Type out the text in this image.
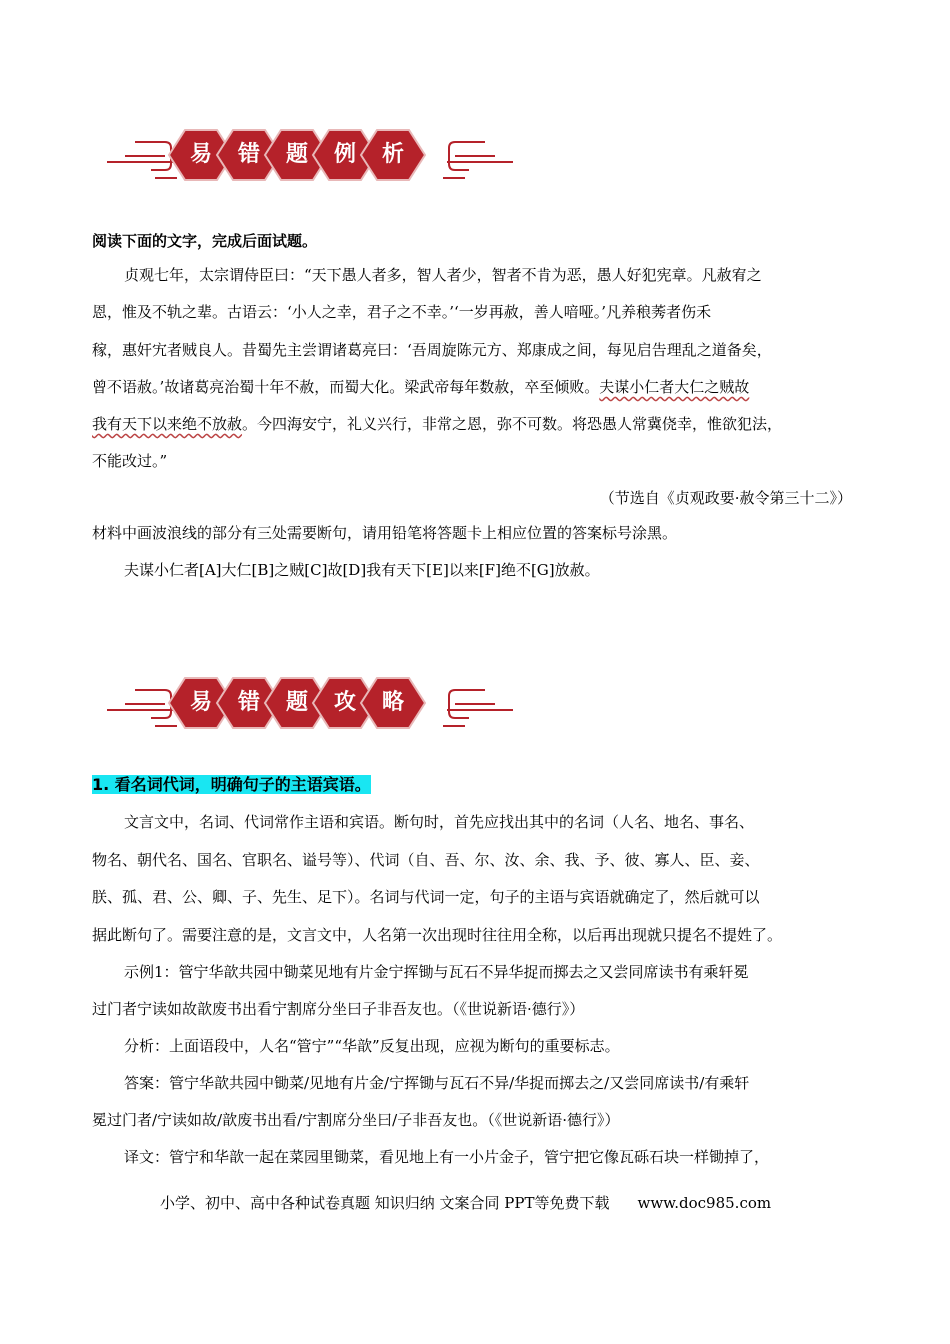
易	错	题	例	析
阅读下面的文字，完成后面试题。
贞观七年，太宗谓侍臣曰：“天下愚人者多，智人者少，智者不肯为恶，愚人好犯宪章。凡赦宥之
恩，惟及不轨之辈。古语云：‘小人之幸，君子之不幸。’‘一岁再赦，善人喑哑。’凡养稂莠者伤禾
稼，惠奸宄者贼良人。昔蜀先主尝谓诸葛亮曰：‘吾周旋陈元方、郑康成之间，每见启告理乱之道备矣，
曾不语赦。’故诸葛亮治蜀十年不赦，而蜀大化。梁武帝每年数赦，卒至倾败。夫谋小仁者大仁之贼故
我有天下以来绝不放赦。今四海安宁，礼义兴行，非常之恩，弥不可数。将恐愚人常冀侥幸，惟欲犯法，
不能改过。”
（节选自《贞观政要·赦令第三十二》）
材料中画波浪线的部分有三处需要断句，请用铅笔将答题卡上相应位置的答案标号涂黑。
夫谋小仁者[A]大仁[B]之贼[C]故[D]我有天下[E]以来[F]绝不[G]放赦。
易	错	题	攻	略
1. 看名词代词，明确句子的主语宾语。
文言文中，名词、代词常作主语和宾语。断句时，首先应找出其中的名词（人名、地名、事名、
物名、朝代名、国名、官职名、谥号等）、代词（自、吾、尔、汝、余、我、予、彼、寡人、臣、妾、
朕、孤、君、公、卿、子、先生、足下）。名词与代词一定，句子的主语与宾语就确定了，然后就可以
据此断句了。需要注意的是，文言文中，人名第一次出现时往往用全称，以后再出现就只提名不提姓了。
示例1：管宁华歆共园中锄菜见地有片金宁挥锄与瓦石不异华捉而掷去之又尝同席读书有乘轩冕
过门者宁读如故歆废书出看宁割席分坐曰子非吾友也。（《世说新语·德行》）
分析：上面语段中，人名“管宁”“华歆”反复出现，应视为断句的重要标志。
答案：管宁华歆共园中锄菜/见地有片金/宁挥锄与瓦石不异/华捉而掷去之/又尝同席读书/有乘轩
冕过门者/宁读如故/歆废书出看/宁割席分坐曰/子非吾友也。（《世说新语·德行》）
译文：管宁和华歆一起在菜园里锄菜，看见地上有一小片金子，管宁把它像瓦砾石块一样锄掉了，
小学、初中、高中各种试卷真题 知识归纳 文案合同 PPT等免费下载 www.doc985.com
